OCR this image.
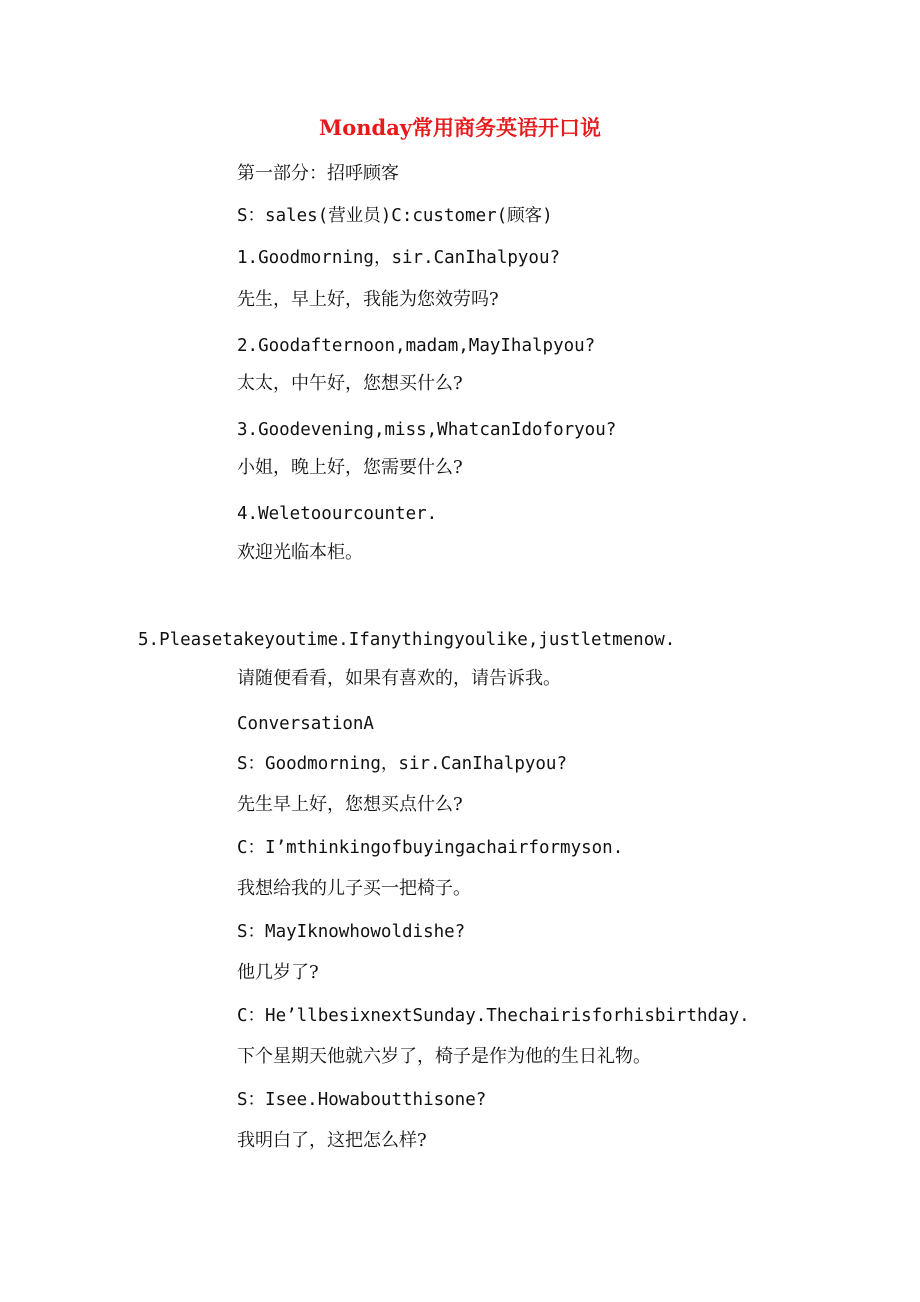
Monday常用商务英语开口说
第一部分：招呼顾客
S：sales(营业员)C:customer(顾客)
1.Goodmorning，sir.CanIhalpyou?
先生，早上好，我能为您效劳吗?
2.Goodafternoon,madam,MayIhalpyou?
太太，中午好，您想买什么?
3.Goodevening,miss,WhatcanIdoforyou?
小姐，晚上好，您需要什么?
4.Weletoourcounter.
欢迎光临本柜。
5.Pleasetakeyoutime.Ifanythingyoulike,justletmenow.
请随便看看，如果有喜欢的，请告诉我。
ConversationA
S：Goodmorning，sir.CanIhalpyou?
先生早上好，您想买点什么?
C：I’mthinkingofbuyingachairformyson.
我想给我的儿子买一把椅子。
S：MayIknowhowoldishe?
他几岁了?
C：He’llbesixnextSunday.Thechairisforhisbirthday.
下个星期天他就六岁了，椅子是作为他的生日礼物。
S：Isee.Howaboutthisone?
我明白了，这把怎么样?
